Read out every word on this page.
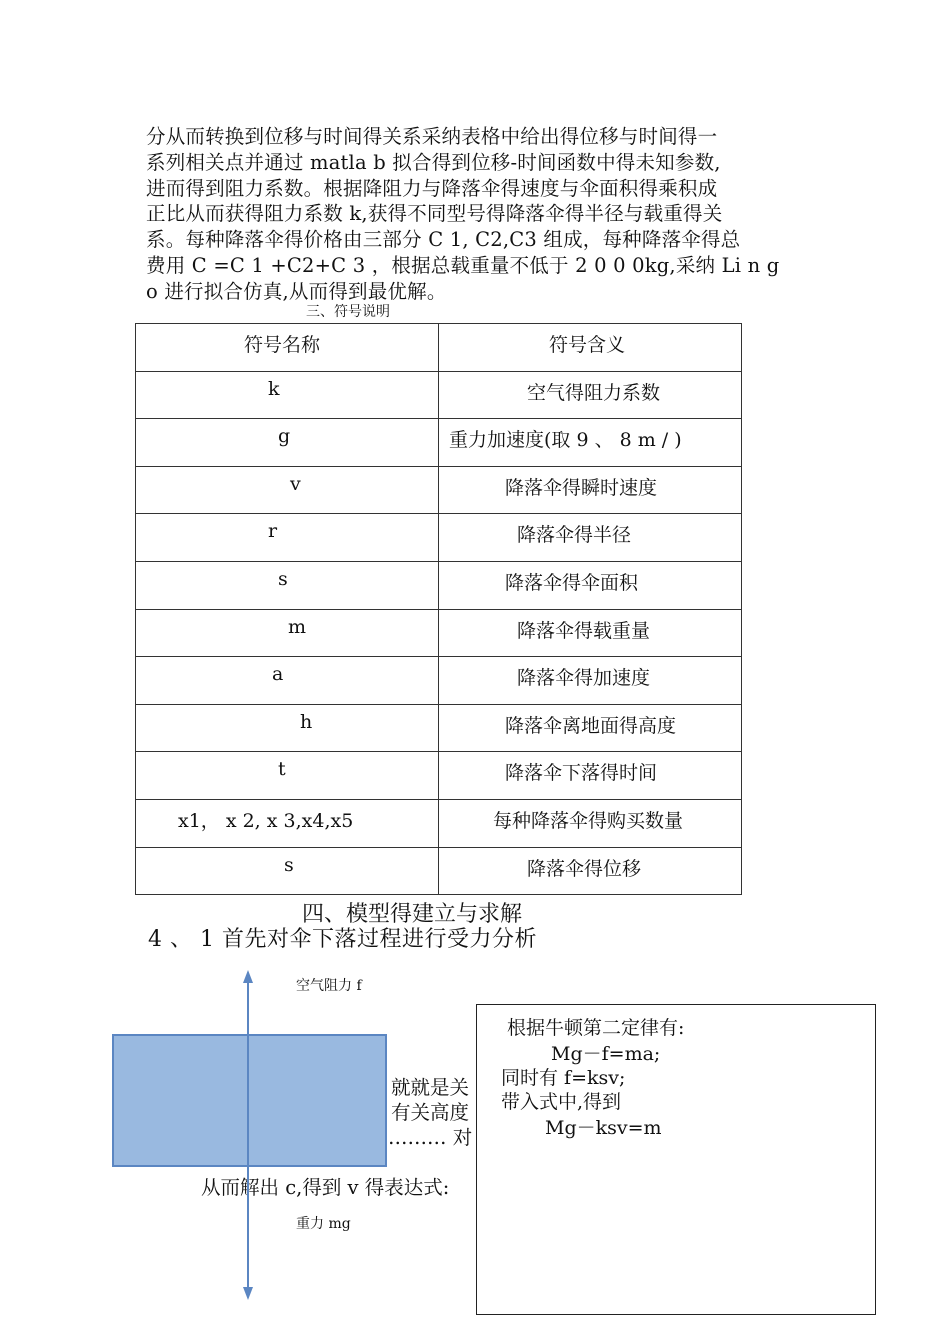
分从而转换到位移与时间得关系采纳表格中给出得位移与时间得一
系列相关点并通过 matla b 拟合得到位移-时间函数中得未知参数,
进而得到阻力系数。根据降阻力与降落伞得速度与伞面积得乘积成
正比从而获得阻力系数 k,获得不同型号得降落伞得半径与载重得关
系。每种降落伞得价格由三部分 C 1, C2,C3 组成，每种降落伞得总
费用 C =C 1 +C2+C 3 ，根据总载重量不低于 2 0 0 0kg,采纳 Li n g
o 进行拟合仿真,从而得到最优解。
三、符号说明
符号名称	符号含义

k	空气得阻力系数

g	重力加速度(取 9 、 8 m / )

v	降落伞得瞬时速度

r	降落伞得半径

s	降落伞得伞面积

m	降落伞得载重量

a	降落伞得加速度

h	降落伞离地面得高度

t	降落伞下落得时间

x1， x 2, x 3,x4,x5	每种降落伞得购买数量

s	降落伞得位移
四、模型得建立与求解
4 、 1 首先对伞下落过程进行受力分析
就就是关
有关高度
……… 对
从而解出 c,得到 v 得表达式:
空气阻力 f
重力 mg
根据牛顿第二定律有:
Mg－f=ma;
同时有 f=ksv;
带入式中,得到
Mg－ksv=m
